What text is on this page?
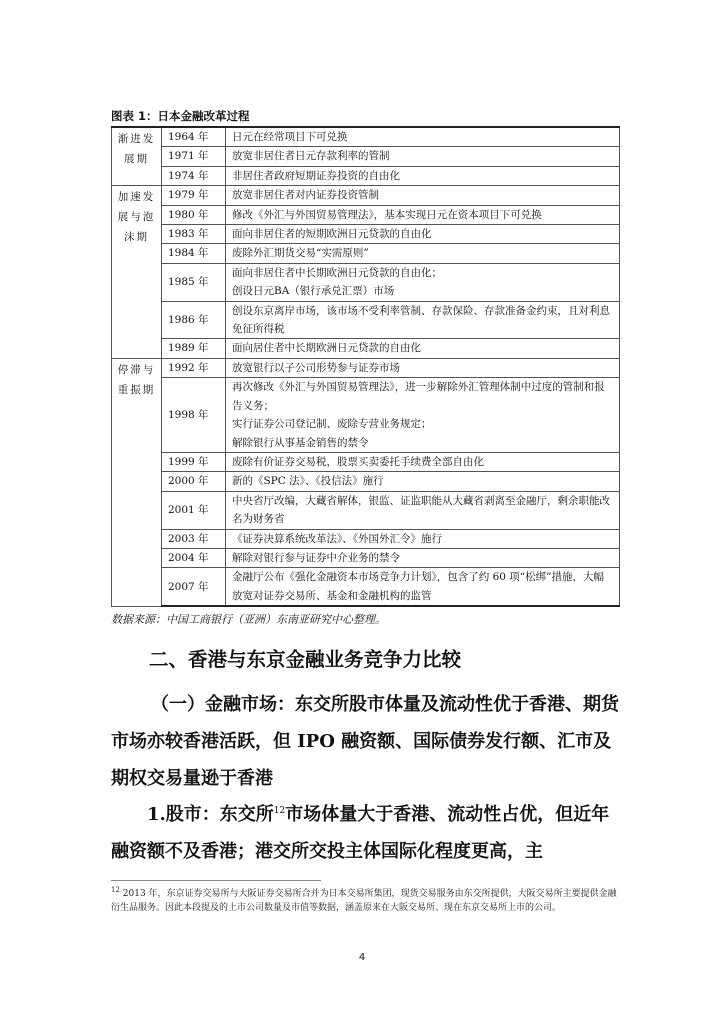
图表 1：日本金融改革过程
渐进发展期	1964 年	日元在经常项目下可兑换

	1971 年	放宽非居住者日元存款利率的管制

	1974 年	非居住者政府短期证券投资的自由化

加速发展与泡沫期	1979 年	放宽非居住者对内证券投资管制

	1980 年	修改《外汇与外国贸易管理法》，基本实现日元在资本项目下可兑换

	1983 年	面向非居住者的短期欧洲日元贷款的自由化

	1984 年	废除外汇期货交易“实需原则”

	1985 年	面向非居住者中长期欧洲日元贷款的自由化；
创设日元BA（银行承兑汇票）市场

	1986 年	创设东京离岸市场，该市场不受利率管制、存款保险、存款准备金约束，且对利息免征所得税

	1989 年	面向居住者中长期欧洲日元贷款的自由化

停滞与重振期	1992 年	放宽银行以子公司形势参与证券市场

	1998 年	再次修改《外汇与外国贸易管理法》，进一步解除外汇管理体制中过度的管制和报告义务；
实行证券公司登记制、废除专营业务规定；
解除银行从事基金销售的禁令

	1999 年	废除有价证券交易税，股票买卖委托手续费全部自由化

	2000 年	新的《SPC 法》、《投信法》施行

	2001 年	中央省厅改编，大藏省解体，银监、证监职能从大藏省剥离至金融厅，剩余职能改名为财务省

	2003 年	《证券决算系统改革法》、《外国外汇令》施行

	2004 年	解除对银行参与证券中介业务的禁令

	2007 年	金融厅公布《强化金融资本市场竞争力计划》，包含了约 60 项“松绑”措施，大幅放宽对证券交易所、基金和金融机构的监管
数据来源：中国工商银行（亚洲）东南亚研究中心整理。
二、香港与东京金融业务竞争力比较
（一）金融市场：东交所股市体量及流动性优于香港、期货市场亦较香港活跃，但 IPO 融资额、国际债券发行额、汇市及期权交易量逊于香港
1.股市：东交所$^{12}$市场体量大于香港、流动性占优，但近年融资额不及香港；港交所交投主体国际化程度更高，主
$^{12}$ 2013 年，东京证券交易所与大阪证券交易所合并为日本交易所集团，现货交易服务由东交所提供，大阪交易所主要提供金融衍生品服务。因此本段提及的上市公司数量及市值等数据，涵盖原来在大阪交易所、现在东京交易所上市的公司。
4
